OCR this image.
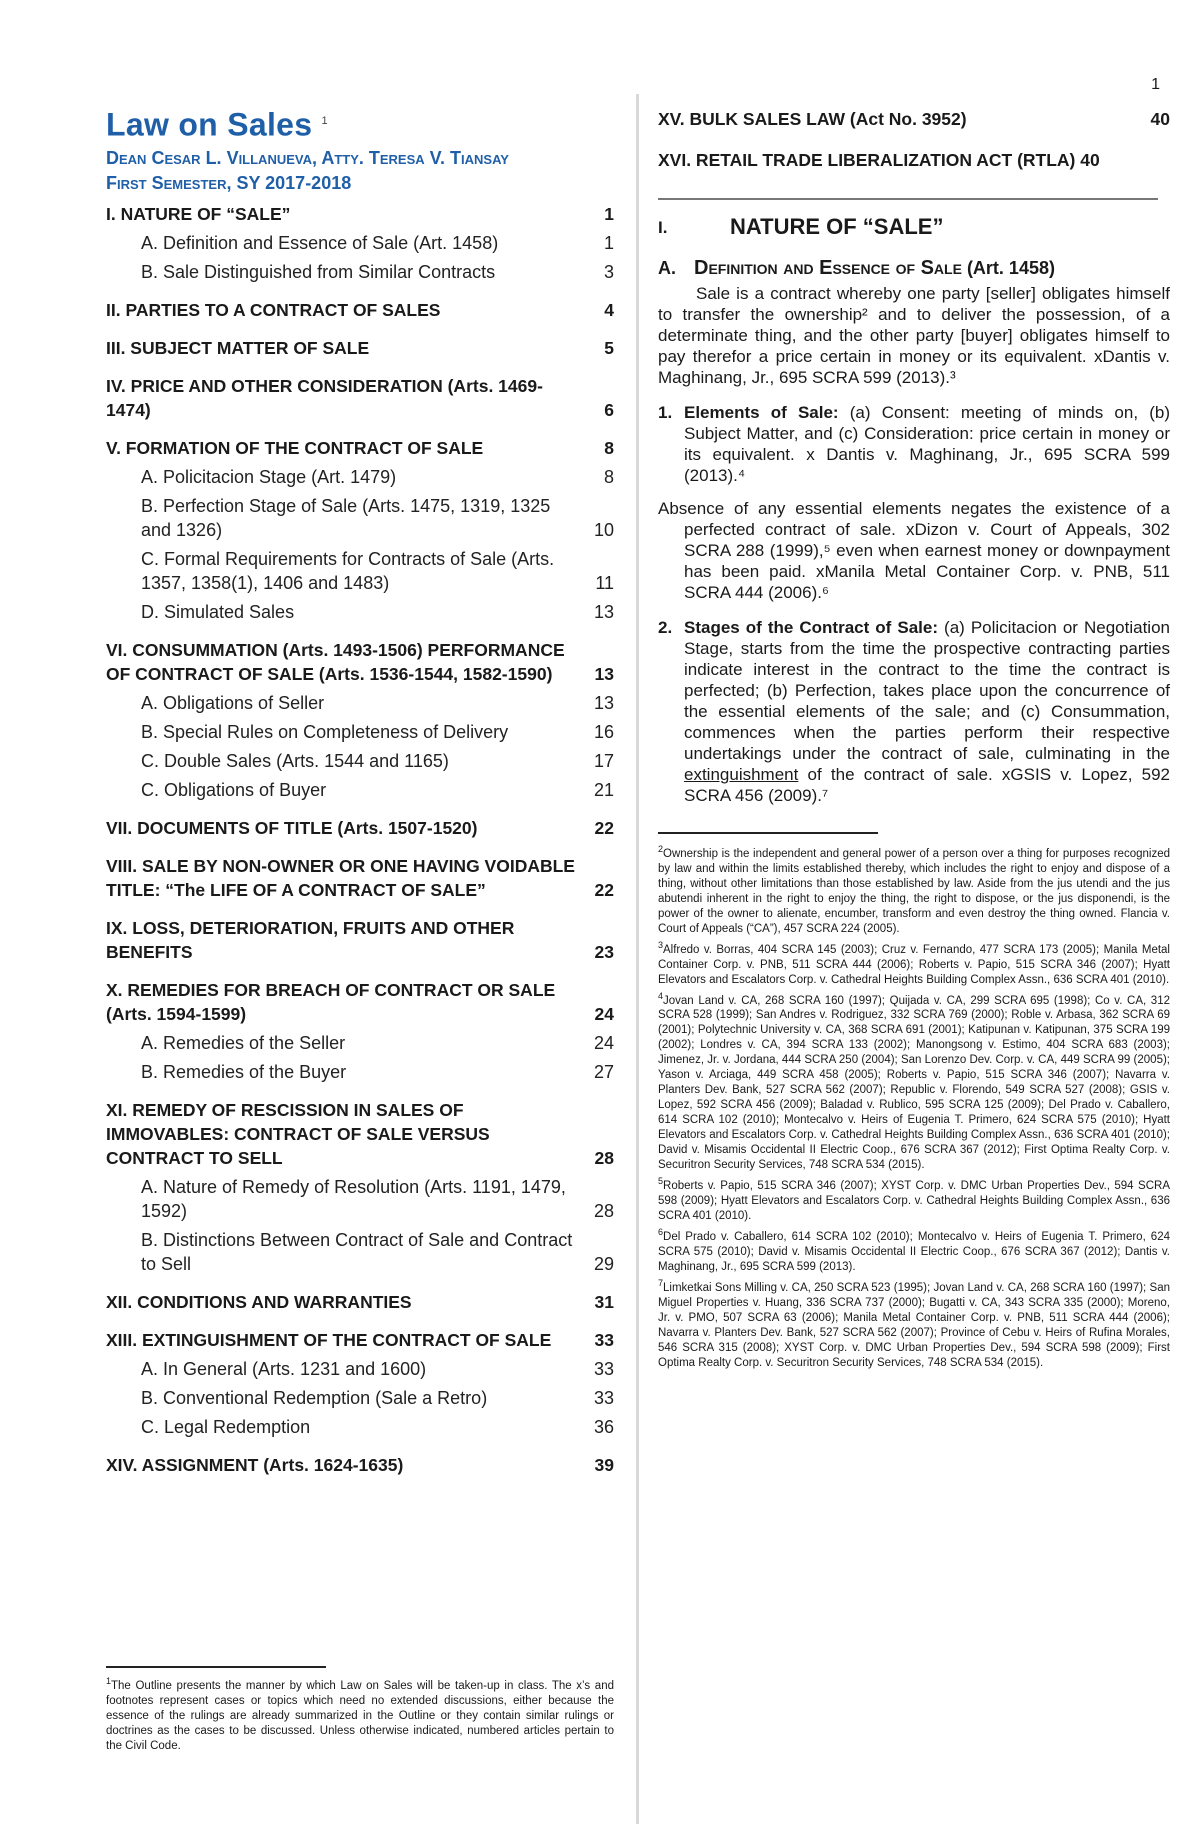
1
Law on Sales $^1$
Dean Cesar L. Villanueva, Atty. Teresa V. Tiansay
First Semester, SY 2017-2018
I. NATURE OF “SALE”	1
A. Definition and Essence of Sale (Art. 1458)	1
B. Sale Distinguished from Similar Contracts	3
II. PARTIES TO A CONTRACT OF SALES	4
III. SUBJECT MATTER OF SALE	5
IV. PRICE AND OTHER CONSIDERATION (Arts. 1469-1474)	6
V. FORMATION OF THE CONTRACT OF SALE	8
A. Policitacion Stage (Art. 1479)	8
B. Perfection Stage of Sale (Arts. 1475, 1319, 1325 and 1326)	10
C. Formal Requirements for Contracts of Sale (Arts. 1357, 1358(1), 1406 and 1483)	11
D. Simulated Sales	13
VI. CONSUMMATION (Arts. 1493-1506) PERFORMANCE OF CONTRACT OF SALE (Arts. 1536-1544, 1582-1590)	13
A. Obligations of Seller	13
B. Special Rules on Completeness of Delivery	16
C. Double Sales (Arts. 1544 and 1165)	17
C. Obligations of Buyer	21
VII. DOCUMENTS OF TITLE (Arts. 1507-1520)	22
VIII. SALE BY NON-OWNER OR ONE HAVING VOIDABLE TITLE: “The LIFE OF A CONTRACT OF SALE”	22
IX. LOSS, DETERIORATION, FRUITS AND OTHER BENEFITS	23
X. REMEDIES FOR BREACH OF CONTRACT OR SALE (Arts. 1594-1599)	24
A. Remedies of the Seller	24
B. Remedies of the Buyer	27
XI. REMEDY OF RESCISSION IN SALES OF IMMOVABLES: CONTRACT OF SALE VERSUS CONTRACT TO SELL	28
A. Nature of Remedy of Resolution (Arts. 1191, 1479, 1592)	28
B. Distinctions Between Contract of Sale and Contract to Sell	29
XII. CONDITIONS AND WARRANTIES	31
XIII. EXTINGUISHMENT OF THE CONTRACT OF SALE	33
A. In General (Arts. 1231 and 1600)	33
B. Conventional Redemption (Sale a Retro)	33
C. Legal Redemption	36
XIV. ASSIGNMENT (Arts. 1624-1635)	39
XV. BULK SALES LAW (Act No. 3952)	40
XVI. RETAIL TRADE LIBERALIZATION ACT (RTLA) 40
I.	NATURE OF “SALE”
A. Definition and Essence of Sale (Art. 1458)
Sale is a contract whereby one party [seller] obligates himself to transfer the ownership² and to deliver the possession, of a determinate thing, and the other party [buyer] obligates himself to pay therefor a price certain in money or its equivalent. xDantis v. Maghinang, Jr., 695 SCRA 599 (2013).³
1. Elements of Sale: (a) Consent: meeting of minds on, (b) Subject Matter, and (c) Consideration: price certain in money or its equivalent. x Dantis v. Maghinang, Jr., 695 SCRA 599 (2013).⁴
Absence of any essential elements negates the existence of a perfected contract of sale. xDizon v. Court of Appeals, 302 SCRA 288 (1999),⁵ even when earnest money or downpayment has been paid. xManila Metal Container Corp. v. PNB, 511 SCRA 444 (2006).⁶
2. Stages of the Contract of Sale: (a) Policitacion or Negotiation Stage, starts from the time the prospective contracting parties indicate interest in the contract to the time the contract is perfected; (b) Perfection, takes place upon the concurrence of the essential elements of the sale; and (c) Consummation, commences when the parties perform their respective undertakings under the contract of sale, culminating in the extinguishment of the contract of sale. xGSIS v. Lopez, 592 SCRA 456 (2009).⁷
$^2$Ownership is the independent and general power of a person over a thing for purposes recognized by law and within the limits established thereby, which includes the right to enjoy and dispose of a thing, without other limitations than those established by law. Aside from the jus utendi and the jus abutendi inherent in the right to enjoy the thing, the right to dispose, or the jus disponendi, is the power of the owner to alienate, encumber, transform and even destroy the thing owned. Flancia v. Court of Appeals (“CA”), 457 SCRA 224 (2005).
$^3$Alfredo v. Borras, 404 SCRA 145 (2003); Cruz v. Fernando, 477 SCRA 173 (2005); Manila Metal Container Corp. v. PNB, 511 SCRA 444 (2006); Roberts v. Papio, 515 SCRA 346 (2007); Hyatt Elevators and Escalators Corp. v. Cathedral Heights Building Complex Assn., 636 SCRA 401 (2010).
$^4$Jovan Land v. CA, 268 SCRA 160 (1997); Quijada v. CA, 299 SCRA 695 (1998); Co v. CA, 312 SCRA 528 (1999); San Andres v. Rodriguez, 332 SCRA 769 (2000); Roble v. Arbasa, 362 SCRA 69 (2001); Polytechnic University v. CA, 368 SCRA 691 (2001); Katipunan v. Katipunan, 375 SCRA 199 (2002); Londres v. CA, 394 SCRA 133 (2002); Manongsong v. Estimo, 404 SCRA 683 (2003); Jimenez, Jr. v. Jordana, 444 SCRA 250 (2004); San Lorenzo Dev. Corp. v. CA, 449 SCRA 99 (2005); Yason v. Arciaga, 449 SCRA 458 (2005); Roberts v. Papio, 515 SCRA 346 (2007); Navarra v. Planters Dev. Bank, 527 SCRA 562 (2007); Republic v. Florendo, 549 SCRA 527 (2008); GSIS v. Lopez, 592 SCRA 456 (2009); Baladad v. Rublico, 595 SCRA 125 (2009); Del Prado v. Caballero, 614 SCRA 102 (2010); Montecalvo v. Heirs of Eugenia T. Primero, 624 SCRA 575 (2010); Hyatt Elevators and Escalators Corp. v. Cathedral Heights Building Complex Assn., 636 SCRA 401 (2010); David v. Misamis Occidental II Electric Coop., 676 SCRA 367 (2012); First Optima Realty Corp. v. Securitron Security Services, 748 SCRA 534 (2015).
$^5$Roberts v. Papio, 515 SCRA 346 (2007); XYST Corp. v. DMC Urban Properties Dev., 594 SCRA 598 (2009); Hyatt Elevators and Escalators Corp. v. Cathedral Heights Building Complex Assn., 636 SCRA 401 (2010).
$^6$Del Prado v. Caballero, 614 SCRA 102 (2010); Montecalvo v. Heirs of Eugenia T. Primero, 624 SCRA 575 (2010); David v. Misamis Occidental II Electric Coop., 676 SCRA 367 (2012); Dantis v. Maghinang, Jr., 695 SCRA 599 (2013).
$^7$Limketkai Sons Milling v. CA, 250 SCRA 523 (1995); Jovan Land v. CA, 268 SCRA 160 (1997); San Miguel Properties v. Huang, 336 SCRA 737 (2000); Bugatti v. CA, 343 SCRA 335 (2000); Moreno, Jr. v. PMO, 507 SCRA 63 (2006); Manila Metal Container Corp. v. PNB, 511 SCRA 444 (2006); Navarra v. Planters Dev. Bank, 527 SCRA 562 (2007); Province of Cebu v. Heirs of Rufina Morales, 546 SCRA 315 (2008); XYST Corp. v. DMC Urban Properties Dev., 594 SCRA 598 (2009); First Optima Realty Corp. v. Securitron Security Services, 748 SCRA 534 (2015).
$^1$The Outline presents the manner by which Law on Sales will be taken-up in class. The x’s and footnotes represent cases or topics which need no extended discussions, either because the essence of the rulings are already summarized in the Outline or they contain similar rulings or doctrines as the cases to be discussed. Unless otherwise indicated, numbered articles pertain to the Civil Code.
